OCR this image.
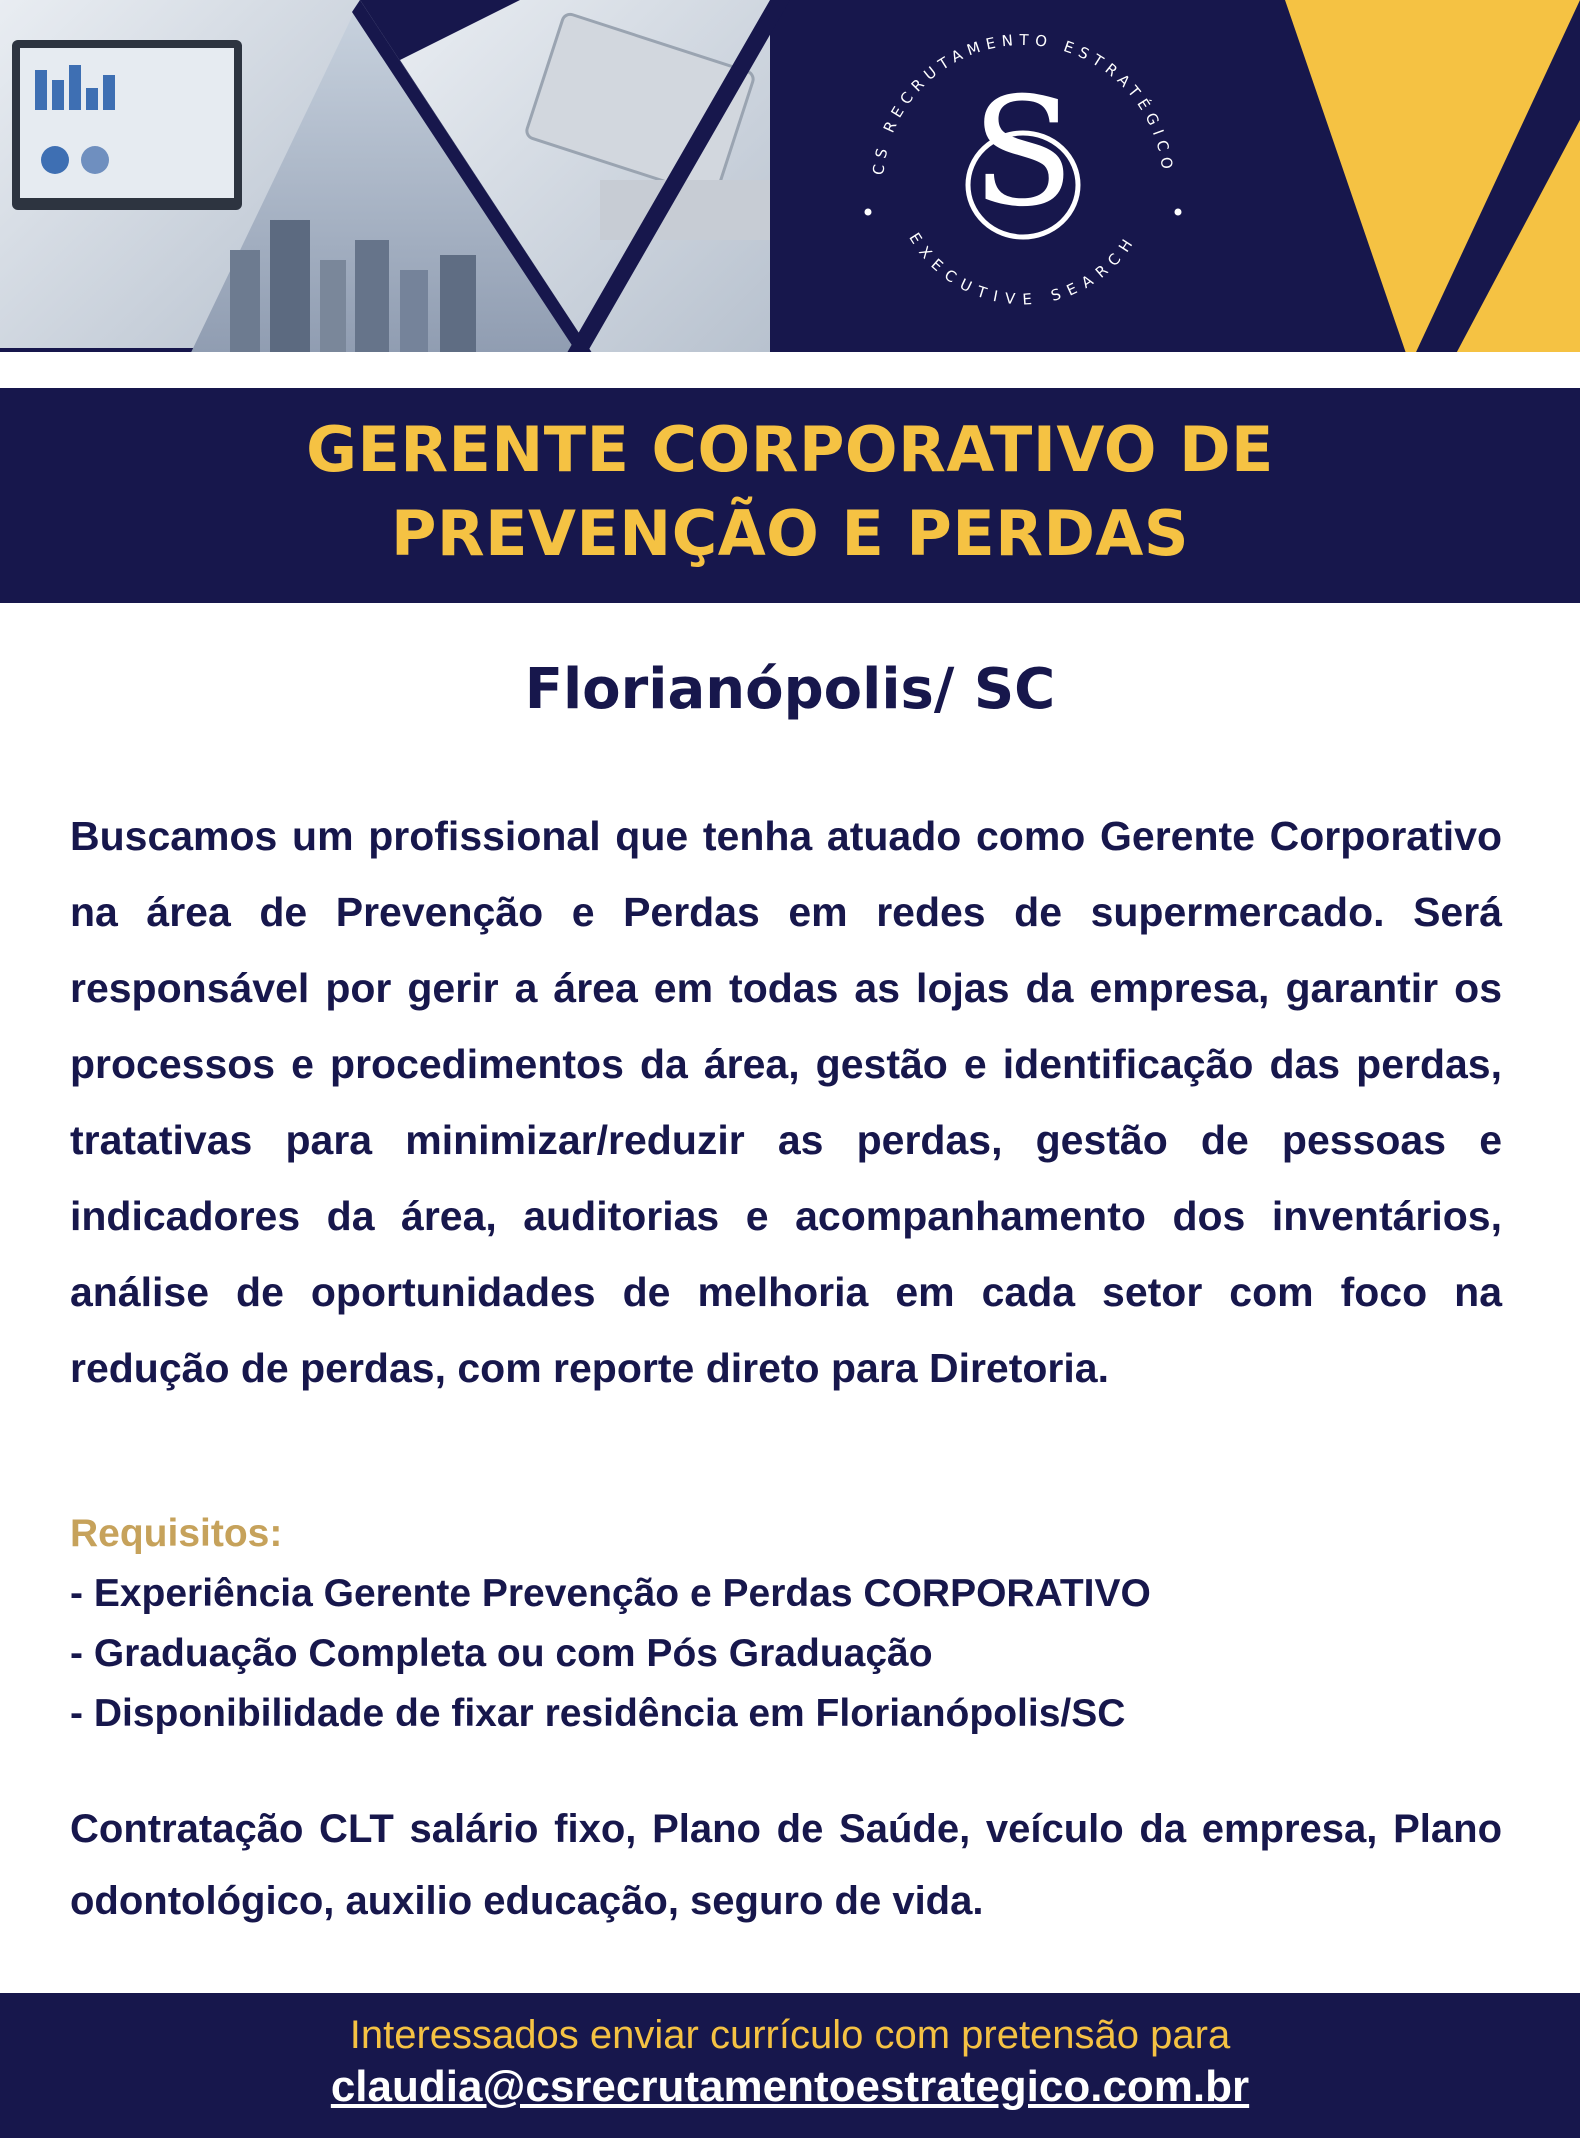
CS RECRUTAMENTO ESTRATÉGICO
EXECUTIVE SEARCH
S
GERENTE CORPORATIVO DE
PREVENÇÃO E PERDAS
Florianópolis/ SC

Buscamos um profissional que tenha atuado como Gerente Corporativo na área de Prevenção e Perdas em redes de supermercado. Será responsável por gerir a área em todas as lojas da empresa, garantir os processos e procedimentos da área, gestão e identificação das perdas, tratativas para minimizar/reduzir as perdas, gestão de pessoas e indicadores da área, auditorias e acompanhamento dos inventários, análise de oportunidades de melhoria em cada setor com foco na redução de perdas, com reporte direto para Diretoria.

Requisitos:
- Experiência Gerente Prevenção e Perdas CORPORATIVO
- Graduação Completa ou com Pós Graduação
- Disponibilidade de fixar residência em Florianópolis/SC

Contratação CLT salário fixo, Plano de Saúde, veículo da empresa, Plano odontológico, auxilio educação, seguro de vida.

Interessados enviar currículo com pretensão para
claudia@csrecrutamentoestrategico.com.br
